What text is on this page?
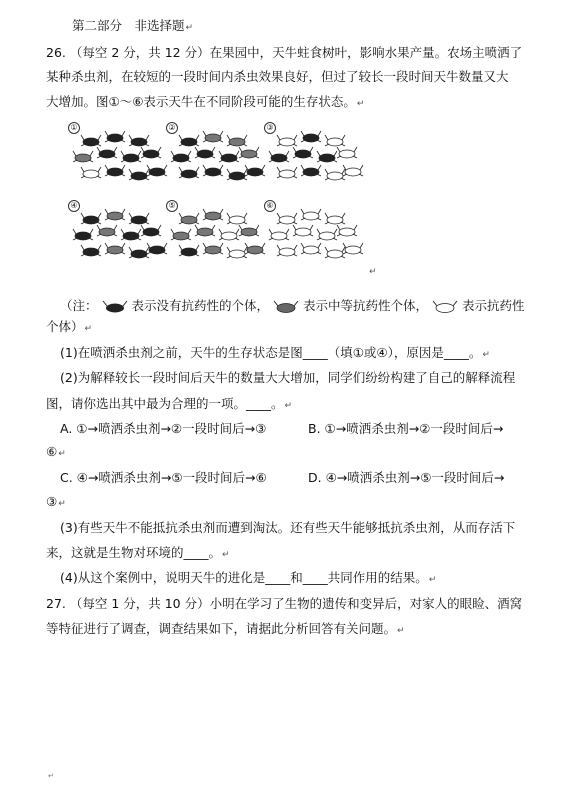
第二部分　非选择题↵
26. （每空 2 分，共 12 分）在果园中，天牛蛀食树叶，影响水果产量。农场主喷洒了
某种杀虫剂，在较短的一段时间内杀虫效果良好，但过了较长一段时间天牛数量又大
大增加。图①～⑥表示天牛在不同阶段可能的生存状态。↵
①	②	③
④	⑤	⑥
↵
（注：	表示没有抗药性的个体，	表示中等抗药性个体，	表示抗药性
个体）↵
(1)在喷洒杀虫剂之前，天牛的生存状态是图____（填①或④），原因是____。↵
(2)为解释较长一段时间后天牛的数量大大增加，同学们纷纷构建了自己的解释流程
图，请你选出其中最为合理的一项。____。↵
A. ①→喷洒杀虫剂→②一段时间后→③	B. ①→喷洒杀虫剂→②一段时间后→
⑥↵
C. ④→喷洒杀虫剂→⑤一段时间后→⑥	D. ④→喷洒杀虫剂→⑤一段时间后→
③↵
(3)有些天牛不能抵抗杀虫剂而遭到淘汰。还有些天牛能够抵抗杀虫剂，从而存活下
来，这就是生物对环境的____。↵
(4)从这个案例中，说明天牛的进化是____和____共同作用的结果。↵
27. （每空 1 分，共 10 分）小明在学习了生物的遗传和变异后，对家人的眼睑、酒窝
等特征进行了调查，调查结果如下，请据此分析回答有关问题。↵
↵
